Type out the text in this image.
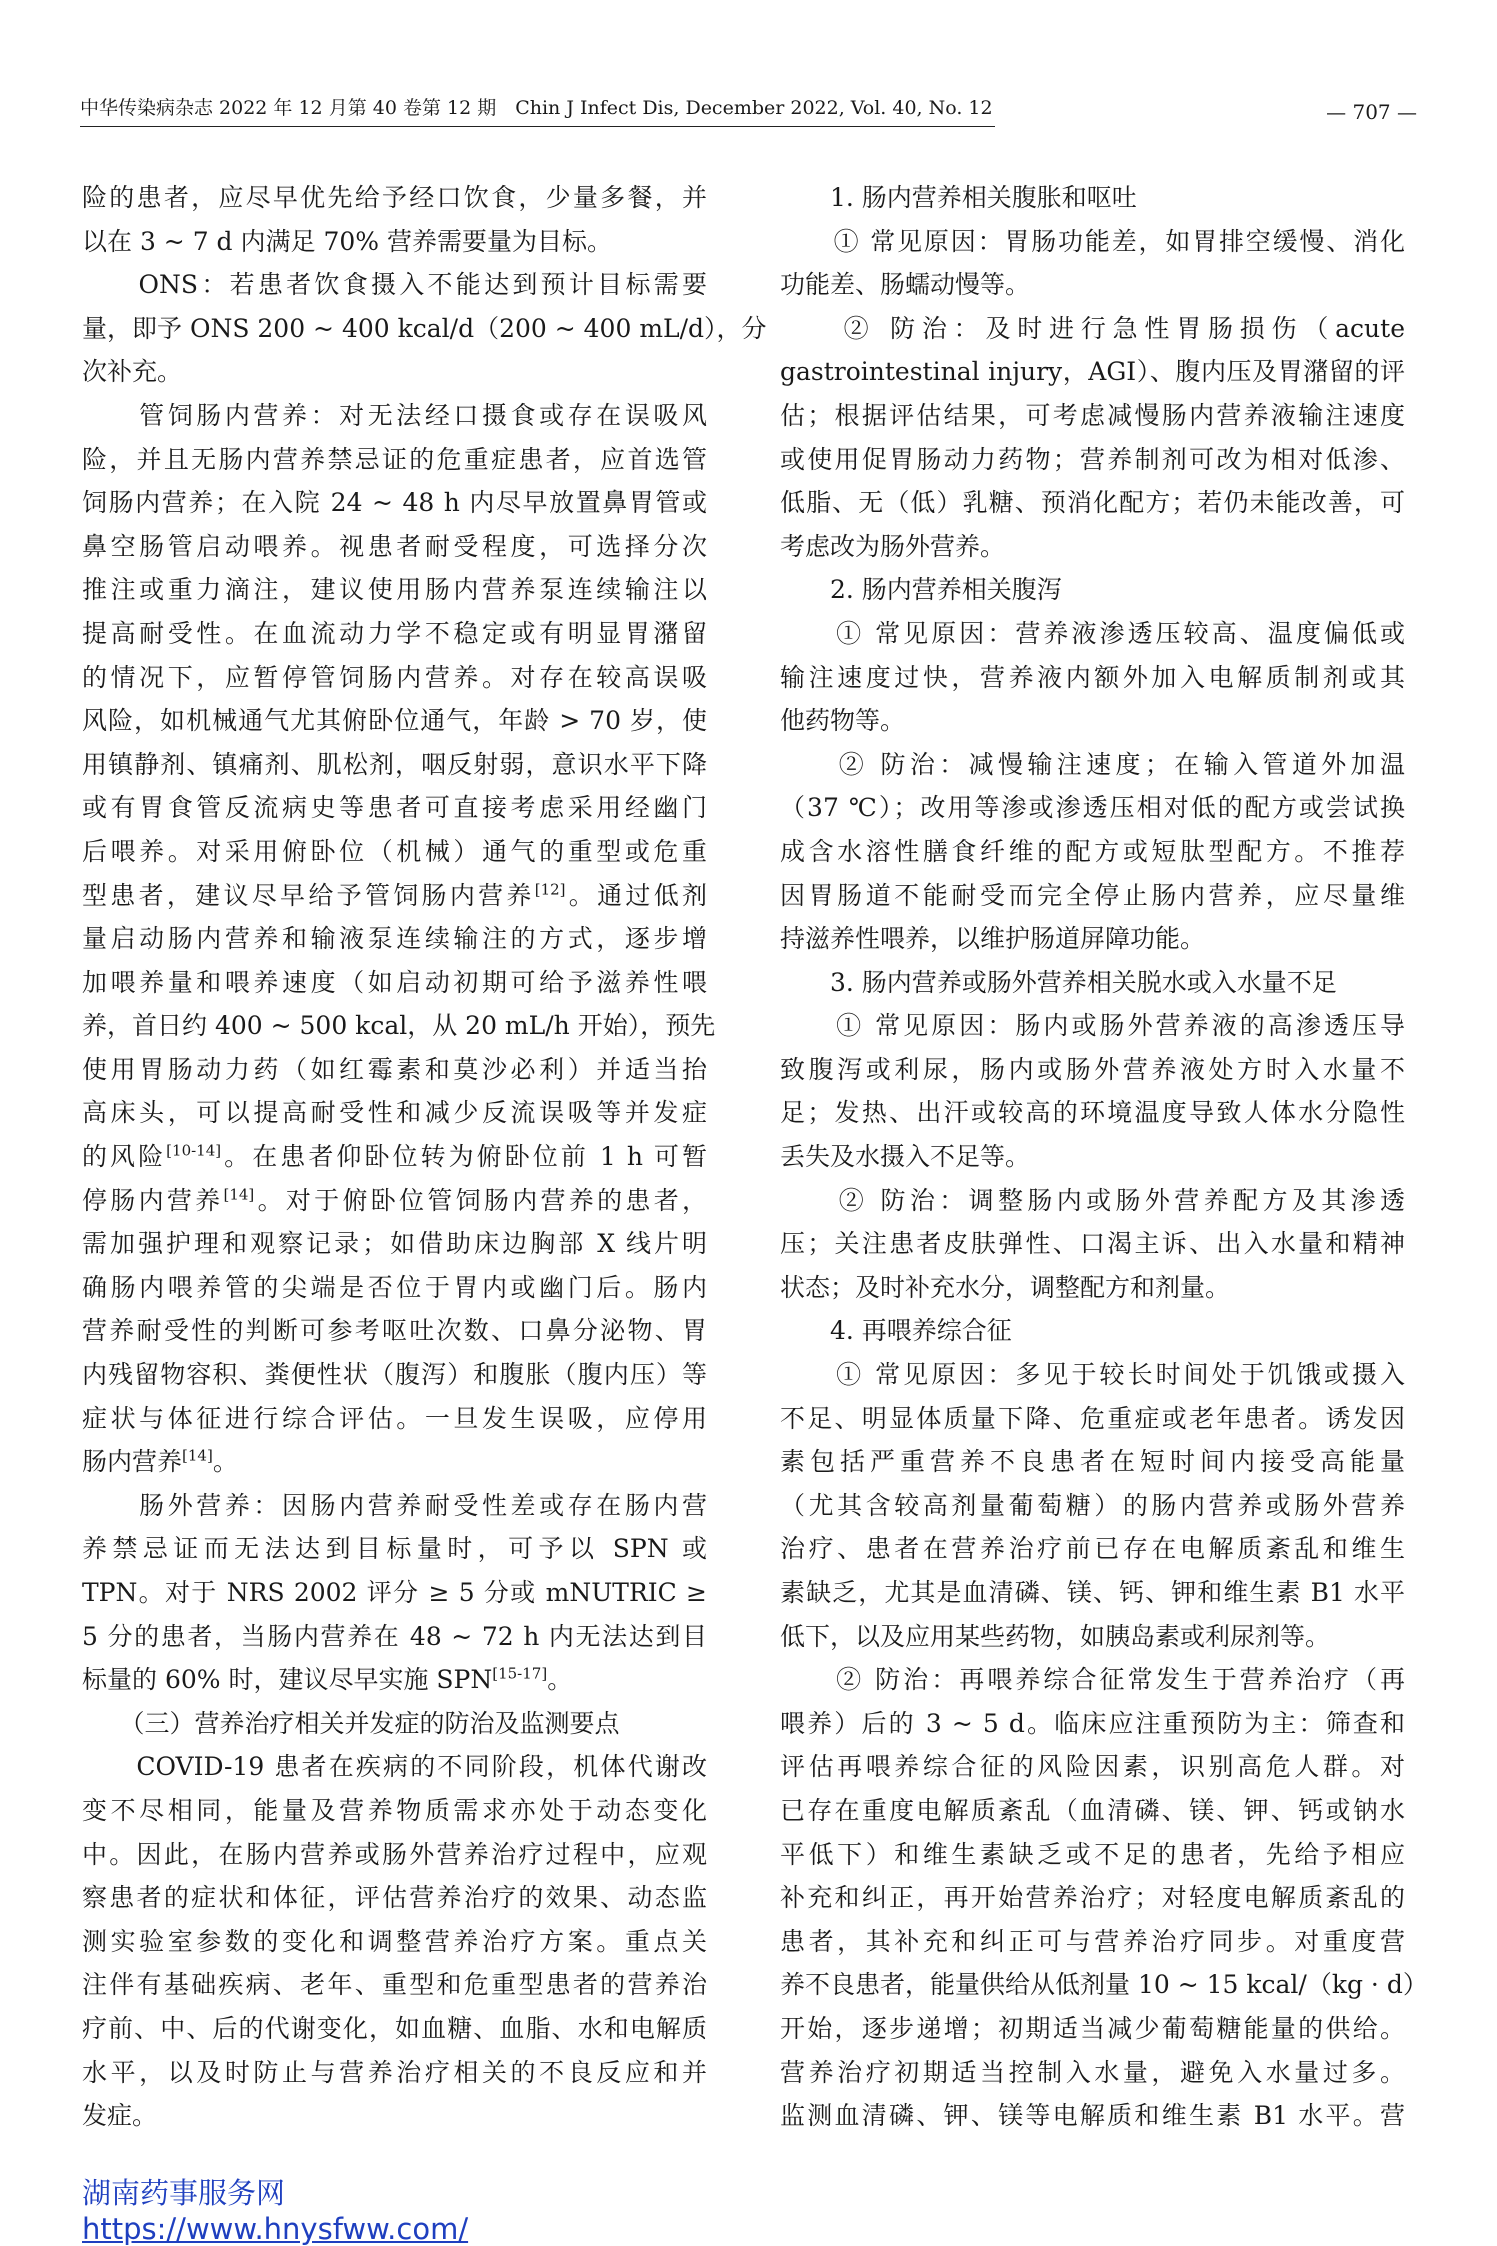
中华传染病杂志 2022 年 12 月第 40 卷第 12 期　Chin J Infect Dis, December 2022, Vol. 40, No. 12	— 707 —
险的患者，应尽早优先给予经口饮食，少量多餐，并
以在 3 ~ 7 d 内满足 70% 营养需要量为目标。
　　ONS：若患者饮食摄入不能达到预计目标需要
量，即予 ONS 200 ~ 400 kcal/d（200 ~ 400 mL/d），分
次补充。
　　管饲肠内营养：对无法经口摄食或存在误吸风
险，并且无肠内营养禁忌证的危重症患者，应首选管
饲肠内营养；在入院 24 ~ 48 h 内尽早放置鼻胃管或
鼻空肠管启动喂养。视患者耐受程度，可选择分次
推注或重力滴注，建议使用肠内营养泵连续输注以
提高耐受性。在血流动力学不稳定或有明显胃潴留
的情况下，应暂停管饲肠内营养。对存在较高误吸
风险，如机械通气尤其俯卧位通气，年龄 > 70 岁，使
用镇静剂、镇痛剂、肌松剂，咽反射弱，意识水平下降
或有胃食管反流病史等患者可直接考虑采用经幽门
后喂养。对采用俯卧位（机械）通气的重型或危重
型患者，建议尽早给予管饲肠内营养[12]。通过低剂
量启动肠内营养和输液泵连续输注的方式，逐步增
加喂养量和喂养速度（如启动初期可给予滋养性喂
养，首日约 400 ~ 500 kcal，从 20 mL/h 开始），预先
使用胃肠动力药（如红霉素和莫沙必利）并适当抬
高床头，可以提高耐受性和减少反流误吸等并发症
的风险[10-14]。在患者仰卧位转为俯卧位前 1 h 可暂
停肠内营养[14]。对于俯卧位管饲肠内营养的患者，
需加强护理和观察记录；如借助床边胸部 X 线片明
确肠内喂养管的尖端是否位于胃内或幽门后。肠内
营养耐受性的判断可参考呕吐次数、口鼻分泌物、胃
内残留物容积、粪便性状（腹泻）和腹胀（腹内压）等
症状与体征进行综合评估。一旦发生误吸，应停用
肠内营养[14]。
　　肠外营养：因肠内营养耐受性差或存在肠内营
养禁忌证而无法达到目标量时，可予以 SPN 或
TPN。对于 NRS 2002 评分 ≥ 5 分或 mNUTRIC ≥
5 分的患者，当肠内营养在 48 ~ 72 h 内无法达到目
标量的 60% 时，建议尽早实施 SPN[15-17]。
　　（三）营养治疗相关并发症的防治及监测要点
　　COVID-19 患者在疾病的不同阶段，机体代谢改
变不尽相同，能量及营养物质需求亦处于动态变化
中。因此，在肠内营养或肠外营养治疗过程中，应观
察患者的症状和体征，评估营养治疗的效果、动态监
测实验室参数的变化和调整营养治疗方案。重点关
注伴有基础疾病、老年、重型和危重型患者的营养治
疗前、中、后的代谢变化，如血糖、血脂、水和电解质
水平，以及时防止与营养治疗相关的不良反应和并
发症。
　　1. 肠内营养相关腹胀和呕吐
　　① 常见原因：胃肠功能差，如胃排空缓慢、消化
功能差、肠蠕动慢等。
　　② 防治：及时进行急性胃肠损伤（acute
gastrointestinal injury，AGI）、腹内压及胃潴留的评
估；根据评估结果，可考虑减慢肠内营养液输注速度
或使用促胃肠动力药物；营养制剂可改为相对低渗、
低脂、无（低）乳糖、预消化配方；若仍未能改善，可
考虑改为肠外营养。
　　2. 肠内营养相关腹泻
　　① 常见原因：营养液渗透压较高、温度偏低或
输注速度过快，营养液内额外加入电解质制剂或其
他药物等。
　　② 防治：减慢输注速度；在输入管道外加温
（37 ℃）；改用等渗或渗透压相对低的配方或尝试换
成含水溶性膳食纤维的配方或短肽型配方。不推荐
因胃肠道不能耐受而完全停止肠内营养，应尽量维
持滋养性喂养，以维护肠道屏障功能。
　　3. 肠内营养或肠外营养相关脱水或入水量不足
　　① 常见原因：肠内或肠外营养液的高渗透压导
致腹泻或利尿，肠内或肠外营养液处方时入水量不
足；发热、出汗或较高的环境温度导致人体水分隐性
丢失及水摄入不足等。
　　② 防治：调整肠内或肠外营养配方及其渗透
压；关注患者皮肤弹性、口渴主诉、出入水量和精神
状态；及时补充水分，调整配方和剂量。
　　4. 再喂养综合征
　　① 常见原因：多见于较长时间处于饥饿或摄入
不足、明显体质量下降、危重症或老年患者。诱发因
素包括严重营养不良患者在短时间内接受高能量
（尤其含较高剂量葡萄糖）的肠内营养或肠外营养
治疗、患者在营养治疗前已存在电解质紊乱和维生
素缺乏，尤其是血清磷、镁、钙、钾和维生素 B1 水平
低下，以及应用某些药物，如胰岛素或利尿剂等。
　　② 防治：再喂养综合征常发生于营养治疗（再
喂养）后的 3 ~ 5 d。临床应注重预防为主：筛查和
评估再喂养综合征的风险因素，识别高危人群。对
已存在重度电解质紊乱（血清磷、镁、钾、钙或钠水
平低下）和维生素缺乏或不足的患者，先给予相应
补充和纠正，再开始营养治疗；对轻度电解质紊乱的
患者，其补充和纠正可与营养治疗同步。对重度营
养不良患者，能量供给从低剂量 10 ~ 15 kcal/（kg · d）
开始，逐步递增；初期适当减少葡萄糖能量的供给。
营养治疗初期适当控制入水量，避免入水量过多。
监测血清磷、钾、镁等电解质和维生素 B1 水平。营
湖南药事服务网
https://www.hnysfww.com/
